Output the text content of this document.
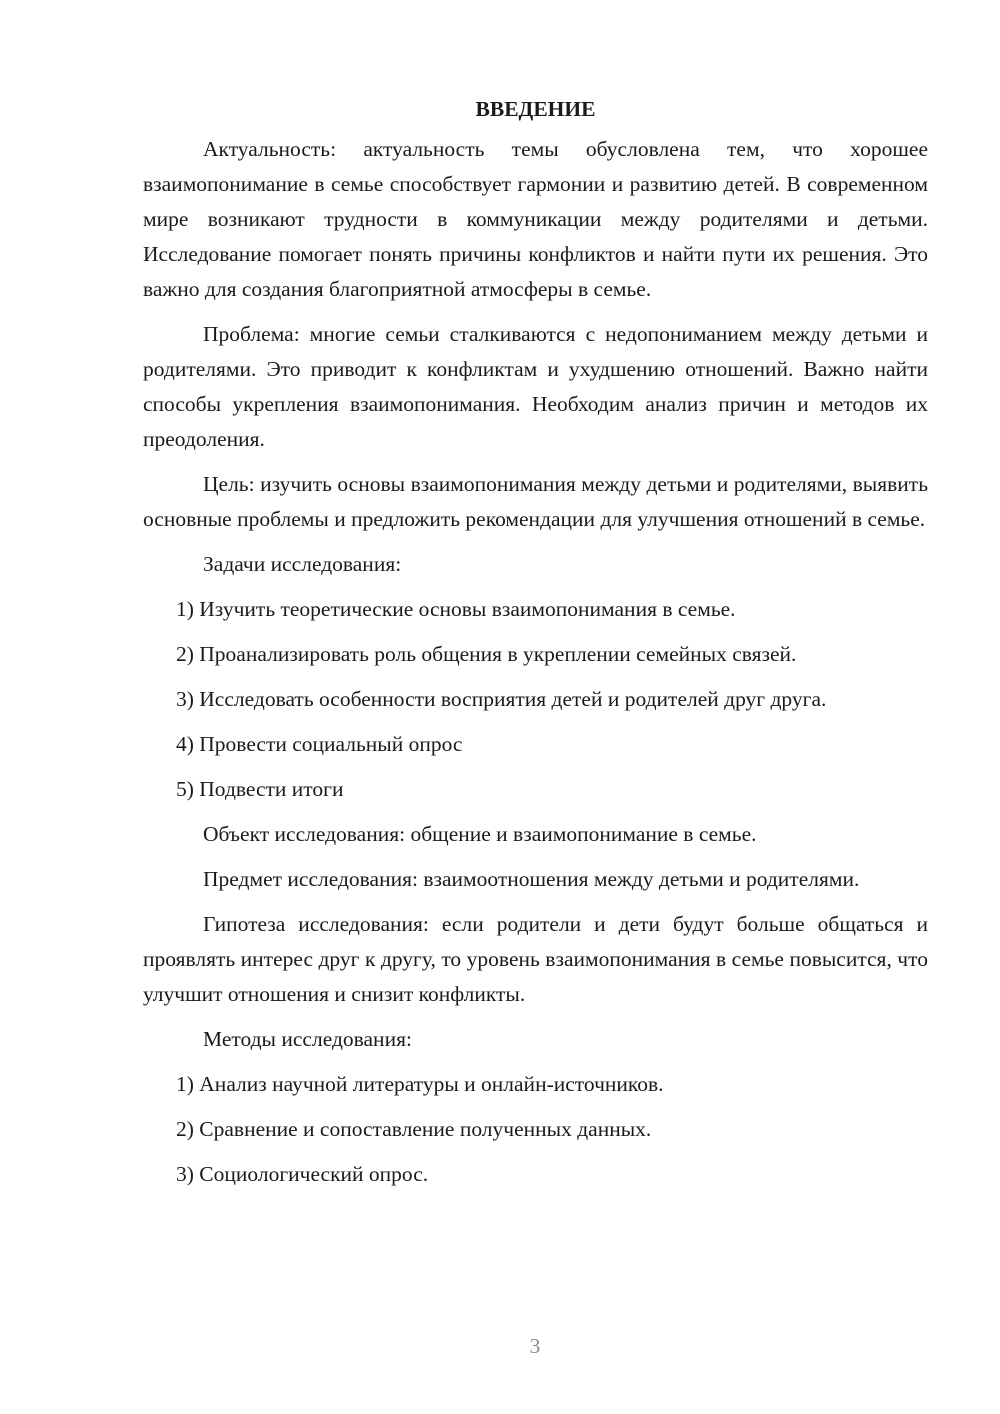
ВВЕДЕНИЕ

Актуальность: актуальность темы обусловлена тем, что хорошее взаимопонимание в семье способствует гармонии и развитию детей. В современном мире возникают трудности в коммуникации между родителями и детьми. Исследование помогает понять причины конфликтов и найти пути их решения. Это важно для создания благоприятной атмосферы в семье.

Проблема: многие семьи сталкиваются с недопониманием между детьми и родителями. Это приводит к конфликтам и ухудшению отношений. Важно найти способы укрепления взаимопонимания. Необходим анализ причин и методов их преодоления.

Цель: изучить основы взаимопонимания между детьми и родителями, выявить основные проблемы и предложить рекомендации для улучшения отношений в семье.

Задачи исследования:

1) Изучить теоретические основы взаимопонимания в семье.
2) Проанализировать роль общения в укреплении семейных связей.
3) Исследовать особенности восприятия детей и родителей друг друга.
4) Провести социальный опрос
5) Подвести итоги

Объект исследования: общение и взаимопонимание в семье.

Предмет исследования: взаимоотношения между детьми и родителями.

Гипотеза исследования: если родители и дети будут больше общаться и проявлять интерес друг к другу, то уровень взаимопонимания в семье повысится, что улучшит отношения и снизит конфликты.

Методы исследования:

1) Анализ научной литературы и онлайн-источников.
2) Сравнение и сопоставление полученных данных.
3) Социологический опрос.
3
